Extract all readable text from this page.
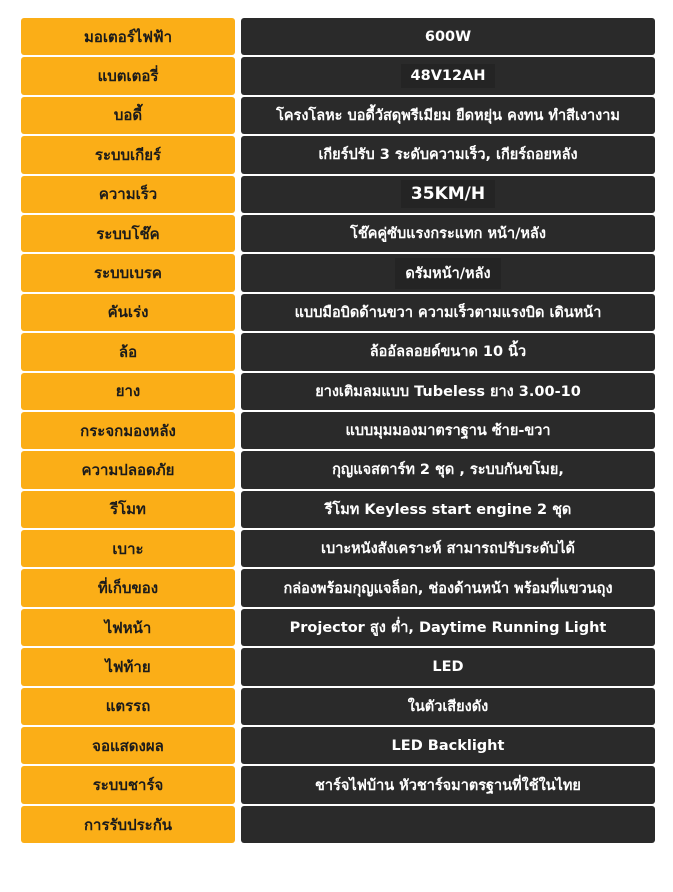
มอเตอร์ไฟฟ้า	600W
แบตเตอรี่	48V12AH
บอดี้	โครงโลหะ บอดี้วัสดุพรีเมียม ยืดหยุ่น คงทน ทำสีเงางาม
ระบบเกียร์	เกียร์ปรับ 3 ระดับความเร็ว, เกียร์ถอยหลัง
ความเร็ว	35KM/H
ระบบโช๊ค	โช๊คคู่ซับแรงกระแทก หน้า/หลัง
ระบบเบรค	ดรัมหน้า/หลัง
คันเร่ง	แบบมือบิดด้านขวา ความเร็วตามแรงบิด เดินหน้า
ล้อ	ล้ออัลลอยด์ขนาด 10 นิ้ว
ยาง	ยางเติมลมแบบ Tubeless ยาง 3.00-10
กระจกมองหลัง	แบบมุมมองมาตราฐาน ซ้าย-ขวา
ความปลอดภัย	กุญแจสตาร์ท 2 ชุด , ระบบกันขโมย,
รีโมท	รีโมท Keyless start engine 2 ชุด
เบาะ	เบาะหนังสังเคราะห์ สามารถปรับระดับได้
ที่เก็บของ	กล่องพร้อมกุญแจล็อก, ช่องด้านหน้า พร้อมที่แขวนถุง
ไฟหน้า	Projector สูง ต่ำ, Daytime Running Light
ไฟท้าย	LED
แตรรถ	ในตัวเสียงดัง
จอแสดงผล	LED Backlight
ระบบชาร์จ	ชาร์จไฟบ้าน หัวชาร์จมาตรฐานที่ใช้ในไทย
การรับประกัน
